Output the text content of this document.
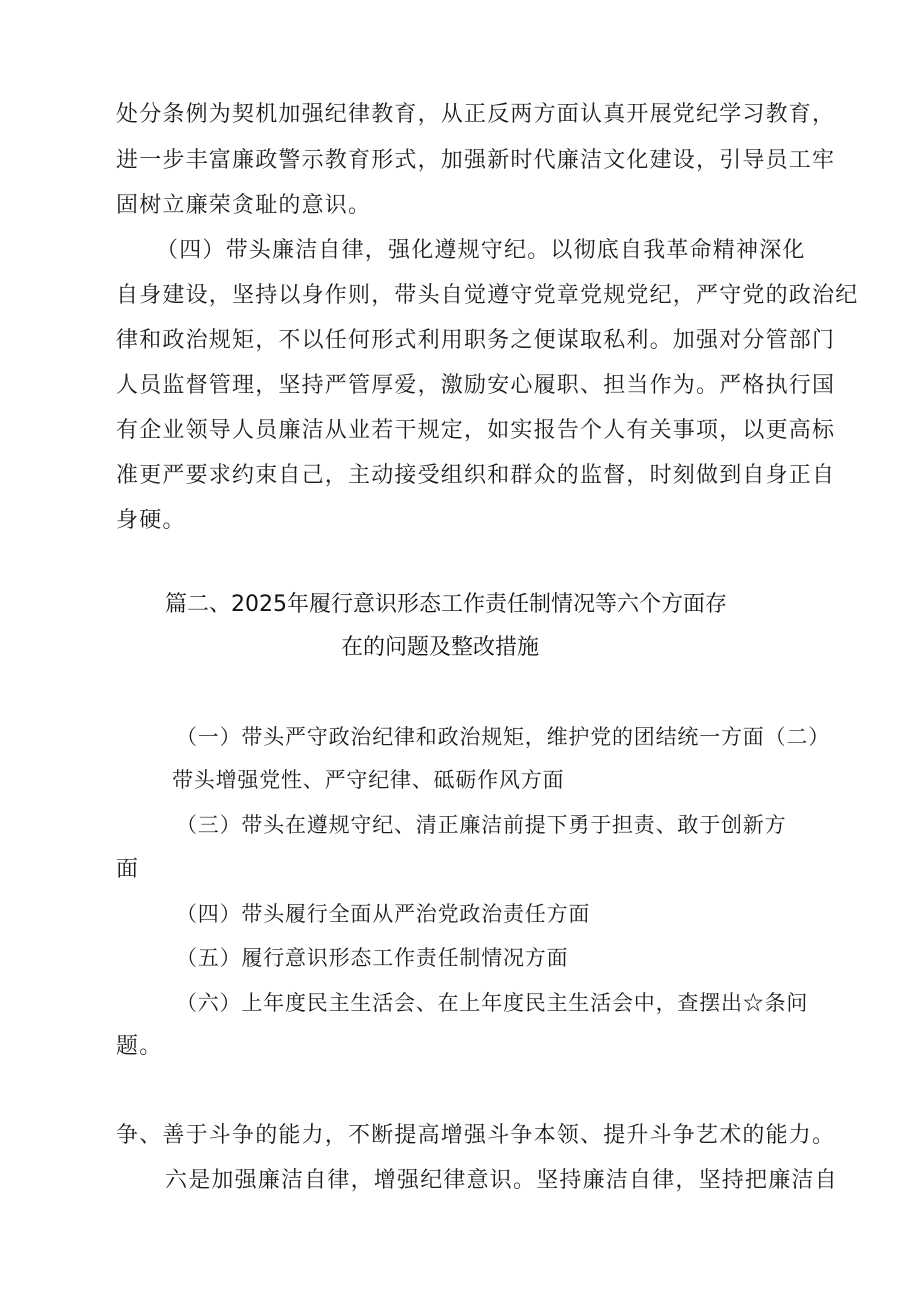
处分条例为契机加强纪律教育，从正反两方面认真开展党纪学习教育，
进一步丰富廉政警示教育形式，加强新时代廉洁文化建设，引导员工牢
固树立廉荣贪耻的意识。
（四）带头廉洁自律，强化遵规守纪。以彻底自我革命精神深化
自身建设，坚持以身作则，带头自觉遵守党章党规党纪，严守党的政治纪
律和政治规矩，不以任何形式利用职务之便谋取私利。加强对分管部门
人员监督管理，坚持严管厚爱，激励安心履职、担当作为。严格执行国
有企业领导人员廉洁从业若干规定，如实报告个人有关事项，以更高标
准更严要求约束自己，主动接受组织和群众的监督，时刻做到自身正自
身硬。
篇二、2025年履行意识形态工作责任制情况等六个方面存
在的问题及整改措施
（一）带头严守政治纪律和政治规矩，维护党的团结统一方面（二）
带头增强党性、严守纪律、砥砺作风方面
（三）带头在遵规守纪、清正廉洁前提下勇于担责、敢于创新方
面
（四）带头履行全面从严治党政治责任方面
（五）履行意识形态工作责任制情况方面
（六）上年度民主生活会、在上年度民主生活会中，查摆出☆条问
题。
争、善于斗争的能力，不断提高增强斗争本领、提升斗争艺术的能力。
六是加强廉洁自律，增强纪律意识。坚持廉洁自律，坚持把廉洁自
